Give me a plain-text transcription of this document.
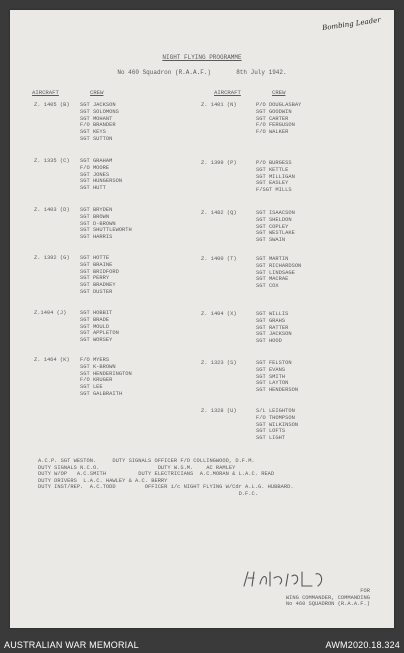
Bombing Leader
NIGHT FLYING PROGRAMME
No 460 Squadron (R.A.A.F.)       8th July 1942.
AIRCRAFT	CREW	AIRCRAFT	CREW
Z. 1405 (B) SGT JACKSON
SGT SOLOMONS
SGT MOHANT
F/O BRANDER
SGT KEYS
SGT SUTTON
Z. 1335 (C) SGT GRAHAM
F/O MOORE
SGT JONES
SGT HUNGERSON
SGT HUTT
Z. 1403 (D) SGT BRYDEN
SGT BROWN
SGT D-BROWN
SGT SHUTTLEWORTH
SGT HARRIS
Z. 1392 (G) SGT HOTTE
SGT BRAINE
SGT BRIDFORD
SGT PERRY
SGT BRADNEY
SGT DUSTER
Z.1404 (J)	SGT HOBBIT
SGT BRADE
SGT MOULD
SGT APPLETON
SGT WORSEY
Z. 1464 (K) F/O MYERS
SGT K-BROWN
SGT HENDERINGTON
F/O KRUGER
SGT LEE
SGT GALBRAITH
Z. 1401 (N)	P/O DOUGLASBAY
SGT GOODWIN
SGT CARTER
F/O FERGUSON
F/O WALKER
Z. 1399 (P)	P/O BURGESS
SGT KETTLE
SGT MILLIGAN
SGT EASLEY
F/SGT MILLS
Z. 1482 (Q)	SGT ISAACSON
SGT SHELDON
SGT COPLEY
SGT WESTLAKE
SGT SWAIN
Z. 1400 (T)	SGT MARTIN
SGT RICHARDSON
SGT LINDSAGE
SGT MACRAE
SGT COX
Z. 1404 (X)	SGT WILLIS
SGT GRAHS
SGT RATTER
SGT JACKSON
SGT HOOD
Z. 1323 (S)	SGT FELSTON
SGT EVANS
SGT SMITH
SGT LAYTON
SGT HENDERSON
Z. 1328 (U)	S/L LEIGHTON
F/O THOMPSON
SGT WILKINSON
SGT LOFTS
SGT LIGHT
A.C.P. SGT WESTON.     DUTY SIGNALS OFFICER F/O COLLINGWOOD, D.F.M.
DUTY SIGNALS N.C.O.                  DUTY W.S.M.    AC RAMLEY
DUTY W/OP   A.C.SMITH          DUTY ELECTRICIANS  A.C.MORAN & L.A.C. READ
DUTY DRIVERS  L.A.C. HAWLEY & A.C. BERRY
DUTY INST/REP.  A.C.TODD         OFFICER i/c NIGHT FLYING W/Cdr A.L.G. HUBBARD.
D.F.C.
FOR
WING COMMANDER, COMMANDING
No 460 SQUADRON (R.A.A.F.)
AUSTRALIAN WAR MEMORIAL	AWM2020.18.324
